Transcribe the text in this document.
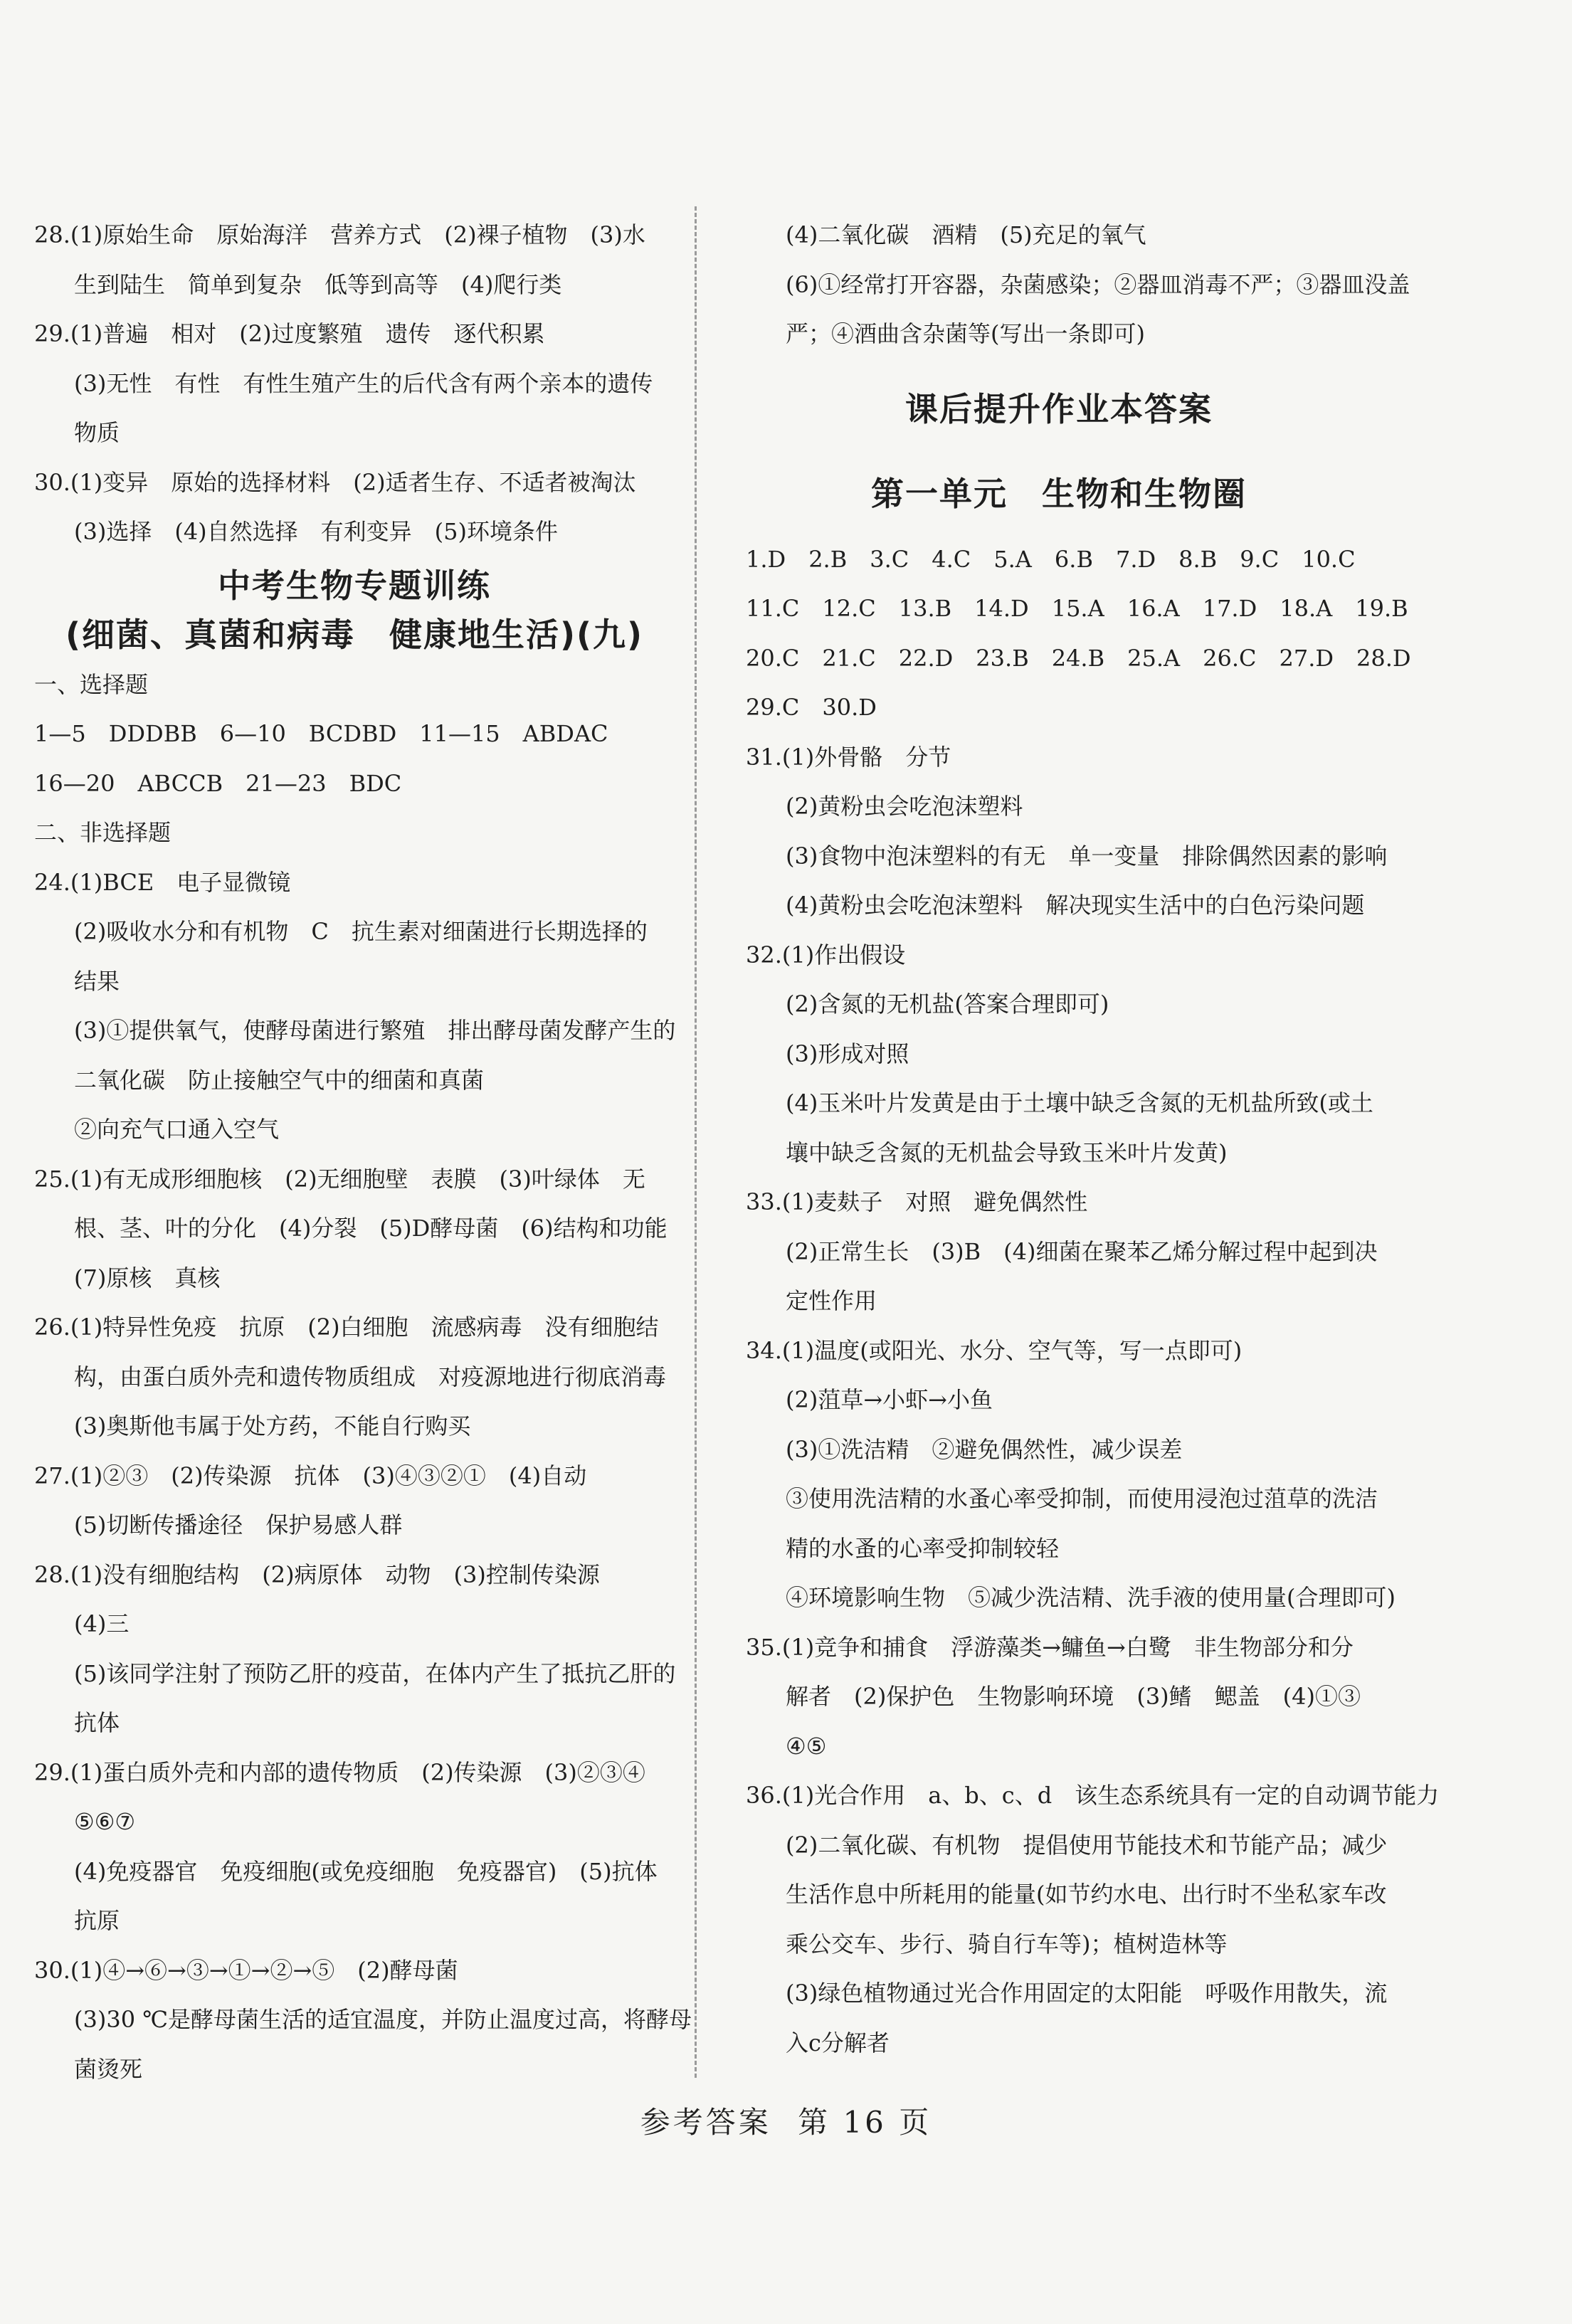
28.(1)原始生命　原始海洋　营养方式　(2)裸子植物　(3)水
生到陆生　简单到复杂　低等到高等　(4)爬行类
29.(1)普遍　相对　(2)过度繁殖　遗传　逐代积累
(3)无性　有性　有性生殖产生的后代含有两个亲本的遗传
物质
30.(1)变异　原始的选择材料　(2)适者生存、不适者被淘汰
(3)选择　(4)自然选择　有利变异　(5)环境条件
中考生物专题训练
(细菌、真菌和病毒　健康地生活)(九)
一、选择题
1—5　DDDBB　6—10　BCDBD　11—15　ABDAC
16—20　ABCCB　21—23　BDC
二、非选择题
24.(1)BCE　电子显微镜
(2)吸收水分和有机物　C　抗生素对细菌进行长期选择的
结果
(3)①提供氧气，使酵母菌进行繁殖　排出酵母菌发酵产生的
二氧化碳　防止接触空气中的细菌和真菌
②向充气口通入空气
25.(1)有无成形细胞核　(2)无细胞壁　表膜　(3)叶绿体　无
根、茎、叶的分化　(4)分裂　(5)D酵母菌　(6)结构和功能
(7)原核　真核
26.(1)特异性免疫　抗原　(2)白细胞　流感病毒　没有细胞结
构，由蛋白质外壳和遗传物质组成　对疫源地进行彻底消毒
(3)奥斯他韦属于处方药，不能自行购买
27.(1)②③　(2)传染源　抗体　(3)④③②①　(4)自动
(5)切断传播途径　保护易感人群
28.(1)没有细胞结构　(2)病原体　动物　(3)控制传染源
(4)三
(5)该同学注射了预防乙肝的疫苗，在体内产生了抵抗乙肝的
抗体
29.(1)蛋白质外壳和内部的遗传物质　(2)传染源　(3)②③④
⑤⑥⑦
(4)免疫器官　免疫细胞(或免疫细胞　免疫器官)　(5)抗体
抗原
30.(1)④→⑥→③→①→②→⑤　(2)酵母菌
(3)30 ℃是酵母菌生活的适宜温度，并防止温度过高，将酵母
菌烫死
(4)二氧化碳　酒精　(5)充足的氧气
(6)①经常打开容器，杂菌感染；②器皿消毒不严；③器皿没盖
严；④酒曲含杂菌等(写出一条即可)
课后提升作业本答案
第一单元　生物和生物圈
1.D　2.B　3.C　4.C　5.A　6.B　7.D　8.B　9.C　10.C
11.C　12.C　13.B　14.D　15.A　16.A　17.D　18.A　19.B
20.C　21.C　22.D　23.B　24.B　25.A　26.C　27.D　28.D
29.C　30.D
31.(1)外骨骼　分节
(2)黄粉虫会吃泡沫塑料
(3)食物中泡沫塑料的有无　单一变量　排除偶然因素的影响
(4)黄粉虫会吃泡沫塑料　解决现实生活中的白色污染问题
32.(1)作出假设
(2)含氮的无机盐(答案合理即可)
(3)形成对照
(4)玉米叶片发黄是由于土壤中缺乏含氮的无机盐所致(或土
壤中缺乏含氮的无机盐会导致玉米叶片发黄)
33.(1)麦麸子　对照　避免偶然性
(2)正常生长　(3)B　(4)细菌在聚苯乙烯分解过程中起到决
定性作用
34.(1)温度(或阳光、水分、空气等，写一点即可)
(2)菹草→小虾→小鱼
(3)①洗洁精　②避免偶然性，减少误差
③使用洗洁精的水蚤心率受抑制，而使用浸泡过菹草的洗洁
精的水蚤的心率受抑制较轻
④环境影响生物　⑤减少洗洁精、洗手液的使用量(合理即可)
35.(1)竞争和捕食　浮游藻类→鳙鱼→白鹭　非生物部分和分
解者　(2)保护色　生物影响环境　(3)鳍　鳃盖　(4)①③
④⑤
36.(1)光合作用　a、b、c、d　该生态系统具有一定的自动调节能力
(2)二氧化碳、有机物　提倡使用节能技术和节能产品；减少
生活作息中所耗用的能量(如节约水电、出行时不坐私家车改
乘公交车、步行、骑自行车等)；植树造林等
(3)绿色植物通过光合作用固定的太阳能　呼吸作用散失，流
入c分解者
参考答案 第 16 页
